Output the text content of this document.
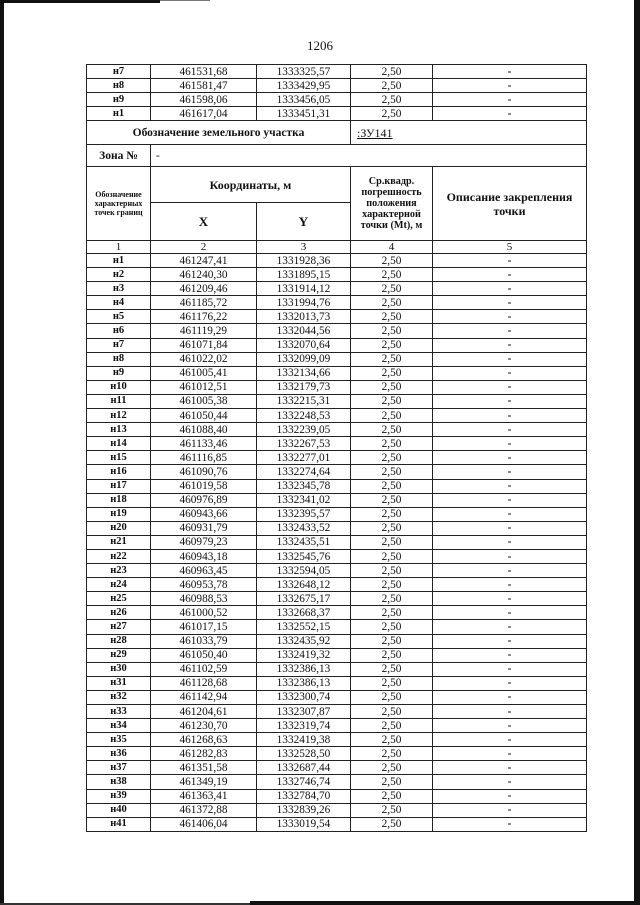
1206
н7	461531,68	1333325,57	2,50	-
н8	461581,47	1333429,95	2,50	-
н9	461598,06	1333456,05	2,50	-
н1	461617,04	1333451,31	2,50	-
Обозначение земельного участка			:ЗУ141	
Зона №	-			
Обозначение характерных точек границ	Координаты, м		Ср.квадр. погрешность положения характерной точки (Mt), м	Описание закрепления точки
	X	Y		
1	2	3	4	5
н1	461247,41	1331928,36	2,50	-
н2	461240,30	1331895,15	2,50	-
н3	461209,46	1331914,12	2,50	-
н4	461185,72	1331994,76	2,50	-
н5	461176,22	1332013,73	2,50	-
н6	461119,29	1332044,56	2,50	-
н7	461071,84	1332070,64	2,50	-
н8	461022,02	1332099,09	2,50	-
н9	461005,41	1332134,66	2,50	-
н10	461012,51	1332179,73	2,50	-
н11	461005,38	1332215,31	2,50	-
н12	461050,44	1332248,53	2,50	-
н13	461088,40	1332239,05	2,50	-
н14	461133,46	1332267,53	2,50	-
н15	461116,85	1332277,01	2,50	-
н16	461090,76	1332274,64	2,50	-
н17	461019,58	1332345,78	2,50	-
н18	460976,89	1332341,02	2,50	-
н19	460943,66	1332395,57	2,50	-
н20	460931,79	1332433,52	2,50	-
н21	460979,23	1332435,51	2,50	-
н22	460943,18	1332545,76	2,50	-
н23	460963,45	1332594,05	2,50	-
н24	460953,78	1332648,12	2,50	-
н25	460988,53	1332675,17	2,50	-
н26	461000,52	1332668,37	2,50	-
н27	461017,15	1332552,15	2,50	-
н28	461033,79	1332435,92	2,50	-
н29	461050,40	1332419,32	2,50	-
н30	461102,59	1332386,13	2,50	-
н31	461128,68	1332386,13	2,50	-
н32	461142,94	1332300,74	2,50	-
н33	461204,61	1332307,87	2,50	-
н34	461230,70	1332319,74	2,50	-
н35	461268,63	1332419,38	2,50	-
н36	461282,83	1332528,50	2,50	-
н37	461351,58	1332687,44	2,50	-
н38	461349,19	1332746,74	2,50	-
н39	461363,41	1332784,70	2,50	-
н40	461372,88	1332839,26	2,50	-
н41	461406,04	1333019,54	2,50	-
